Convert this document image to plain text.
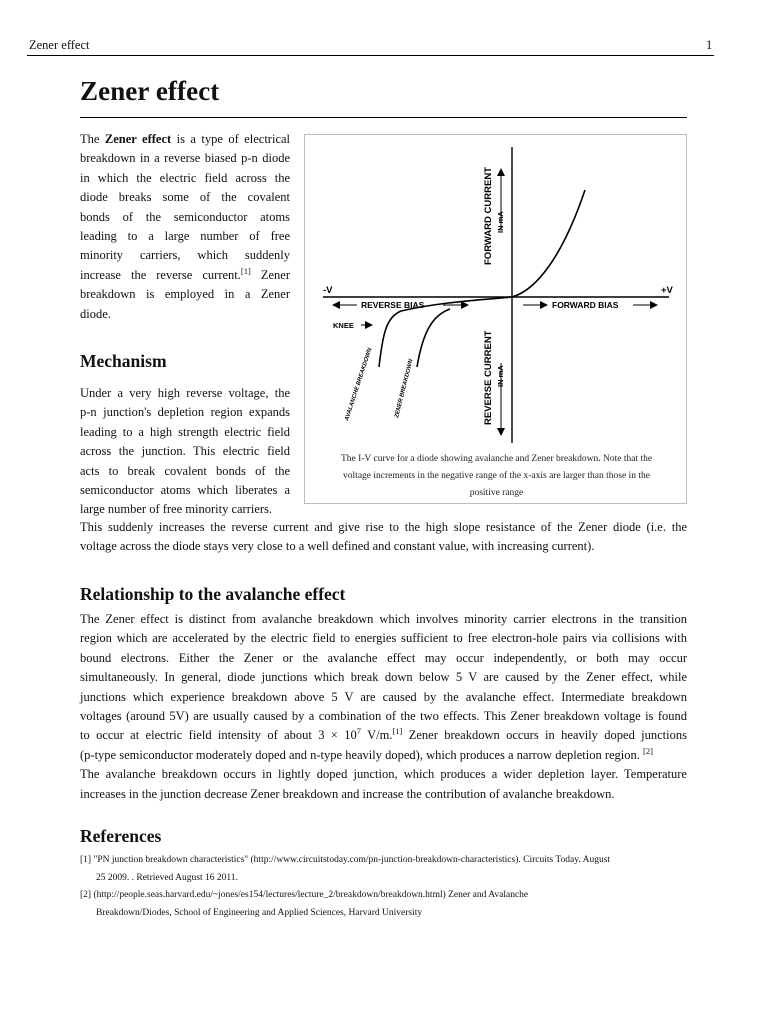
Zener effect	1
Zener effect
The Zener effect is a type of electrical
breakdown in a reverse biased p-n diode
in which the electric field across the
diode breaks some of the covalent
bonds of the semiconductor atoms
leading to a large number of free
minority carriers, which suddenly
increase the reverse current.[1] Zener
breakdown is employed in a Zener
diode.
Mechanism
Under a very high reverse voltage, the
p-n junction's depletion region expands
leading to a high strength electric field
across the junction. This electric field
acts to break covalent bonds of the
semiconductor atoms which liberates a
large number of free minority carriers.
This suddenly increases the reverse current and give rise to the high slope resistance of the Zener diode (i.e. the
voltage across the diode stays very close to a well defined and constant value, with increasing current).
FORWARD CURRENT IN mA
REVERSE CURRENT IN mA
-V	+V
REVERSE BIAS	FORWARD BIAS
KNEE
AVALANCHE BREAKDOWN	ZENER BREAKDOWN
The I-V curve for a diode showing avalanche and Zener breakdown. Note that the
voltage increments in the negative range of the x-axis are larger than those in the
positive range
Relationship to the avalanche effect
The Zener effect is distinct from avalanche breakdown which involves minority carrier electrons in the transition
region which are accelerated by the electric field to energies sufficient to free electron-hole pairs via collisions with
bound electrons. Either the Zener or the avalanche effect may occur independently, or both may occur
simultaneously. In general, diode junctions which break down below 5 V are caused by the Zener effect, while
junctions which experience breakdown above 5 V are caused by the avalanche effect. Intermediate breakdown
voltages (around 5V) are usually caused by a combination of the two effects. This Zener breakdown voltage is found
to occur at electric field intensity of about $3 \times 10^7$ V/m.[1] Zener breakdown occurs in heavily doped junctions
(p-type semiconductor moderately doped and n-type heavily doped), which produces a narrow depletion region. [2]
The avalanche breakdown occurs in lightly doped junction, which produces a wider depletion layer. Temperature
increases in the junction decrease Zener breakdown and increase the contribution of avalanche breakdown.
References
[1] "PN junction breakdown characteristics" (http://www.circuitstoday.com/pn-junction-breakdown-characteristics). Circuits Today. August
25 2009. . Retrieved August 16 2011.
[2] (http://people.seas.harvard.edu/~jones/es154/lectures/lecture_2/breakdown/breakdown.html) Zener and Avalanche
Breakdown/Diodes, School of Engineering and Applied Sciences, Harvard University
